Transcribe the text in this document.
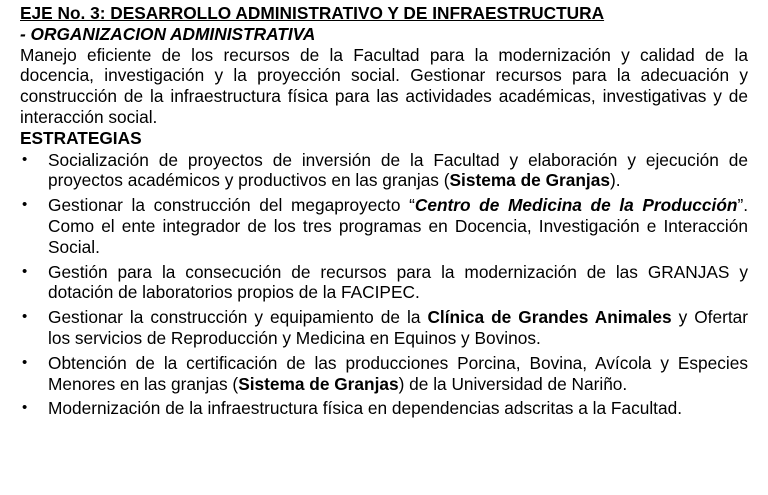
EJE No. 3: DESARROLLO ADMINISTRATIVO Y DE INFRAESTRUCTURA
- ORGANIZACION ADMINISTRATIVA

Manejo eficiente de los recursos de la Facultad para la modernización y calidad de la docencia, investigación y la proyección social. Gestionar recursos para la adecuación y construcción de la infraestructura física para las actividades académicas, investigativas y de interacción social.

ESTRATEGIAS

• Socialización de proyectos de inversión de la Facultad y elaboración y ejecución de proyectos académicos y productivos en las granjas (Sistema de Granjas).
• Gestionar la construcción del megaproyecto “Centro de Medicina de la Producción”. Como el ente integrador de los tres programas en Docencia, Investigación e Interacción Social.
• Gestión para la consecución de recursos para la modernización de las GRANJAS y dotación de laboratorios propios de la FACIPEC.
• Gestionar la construcción y equipamiento de la Clínica de Grandes Animales y Ofertar los servicios de Reproducción y Medicina en Equinos y Bovinos.
• Obtención de la certificación de las producciones Porcina, Bovina, Avícola y Especies Menores en las granjas (Sistema de Granjas) de la Universidad de Nariño.
• Modernización de la infraestructura física en dependencias adscritas a la Facultad.
